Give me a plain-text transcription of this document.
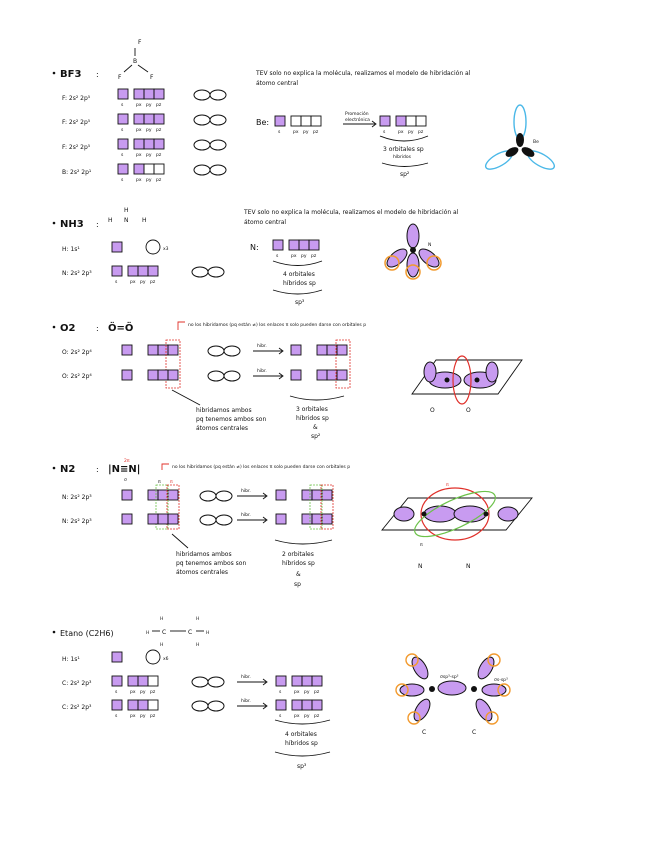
BF3 :
F
B
F	F
F: 2s² 2p⁵
F: 2s² 2p⁵
F: 2s² 2p⁵
B: 2s² 2p¹
TEV solo no explica la molécula, realizamos el modelo de hibridación al
átomo central
Be:
Promoción
electrónica
3 orbitales sp
híbridos
sp²
Be
NH3 :
H
H N H
H: 1s¹	x3
N: 2s² 2p³
TEV solo no explica la molécula, realizamos el modelo de hibridación al
átomo central
N:
4 orbitales
híbridos sp
sp³
N
O2	: Ö=Ö	no los hibridamos (pq están ≠) los enlaces π solo pueden darse con orbitales p
O: 2s² 2p⁴
O: 2s² 2p⁴
hibr.
hibr.
hibridamos ambos
pq tenemos ambos son
átomos centrales
3 orbitales
híbridos sp
&
sp²
O	O
N2	: |N≡N|
2π
σ
no los hibridamos (pq están ≠) los enlaces π solo pueden darse con orbitales p
N: 2s² 2p³
N: 2s² 2p³
π π
hibr.
hibr.
hibridamos ambos
pq tenemos ambos son
átomos centrales
2 orbitales
híbridos sp
&
sp
π
π
N	N
Etano (C2H6)	H C	C	H
H
H
H
H
H: 1s¹	x6
C: 2s² 2p³
C: 2s² 2p³
hibr.
hibr.
4 orbitales
híbridos sp
sp³
σsp³-sp³
σs-sp³
C	C
s	px py pz
s	px py pz
s	px py pz
s	px py pz
s	px py pz	s	px py pz
s	px py pz
s	px py pz
s	px py pz
s	px py pz
s	px py pz
s	px py pz
